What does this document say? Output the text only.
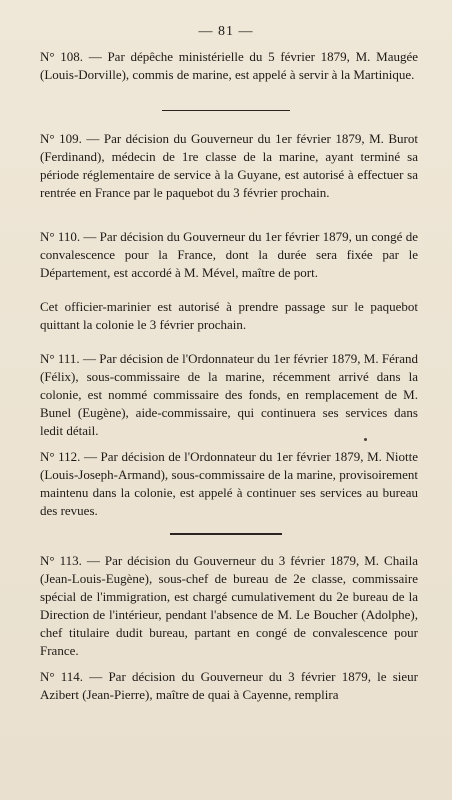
— 81 —

N° 108. — Par dépêche ministérielle du 5 février 1879, M. Maugée (Louis-Dorville), commis de marine, est appelé à servir à la Martinique.

N° 109. — Par décision du Gouverneur du 1er février 1879, M. Burot (Ferdinand), médecin de 1re classe de la marine, ayant terminé sa période réglementaire de service à la Guyane, est autorisé à effectuer sa rentrée en France par le paquebot du 3 février prochain.

N° 110. — Par décision du Gouverneur du 1er février 1879, un congé de convalescence pour la France, dont la durée sera fixée par le Département, est accordé à M. Mével, maître de port.

Cet officier-marinier est autorisé à prendre passage sur le paquebot quittant la colonie le 3 février prochain.

N° 111. — Par décision de l'Ordonnateur du 1er février 1879, M. Férand (Félix), sous-commissaire de la marine, récemment arrivé dans la colonie, est nommé commissaire des fonds, en remplacement de M. Bunel (Eugène), aide-commissaire, qui continuera ses services dans ledit détail.

N° 112. — Par décision de l'Ordonnateur du 1er février 1879, M. Niotte (Louis-Joseph-Armand), sous-commissaire de la marine, provisoirement maintenu dans la colonie, est appelé à continuer ses services au bureau des revues.

N° 113. — Par décision du Gouverneur du 3 février 1879, M. Chaila (Jean-Louis-Eugène), sous-chef de bureau de 2e classe, commissaire spécial de l'immigration, est chargé cumulativement du 2e bureau de la Direction de l'intérieur, pendant l'absence de M. Le Boucher (Adolphe), chef titulaire dudit bureau, partant en congé de convalescence pour France.

N° 114. — Par décision du Gouverneur du 3 février 1879, le sieur Azibert (Jean-Pierre), maître de quai à Cayenne, remplira
